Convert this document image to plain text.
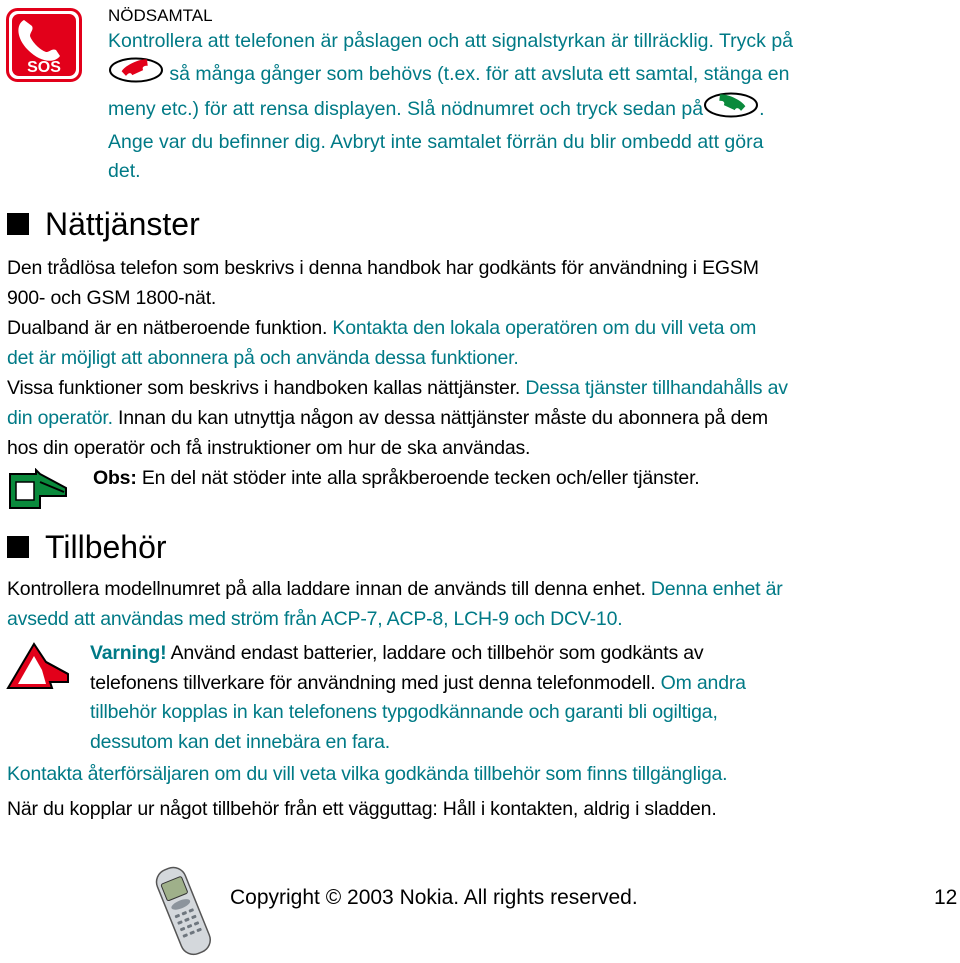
SOS

NÖDSAMTAL

Kontrollera att telefonen är påslagen och att signalstyrkan är tillräcklig. Tryck på

så många gånger som behövs (t.ex. för att avsluta ett samtal, stänga en

meny etc.) för att rensa displayen. Slå nödnumret och tryck sedan på	.

Ange var du befinner dig. Avbryt inte samtalet förrän du blir ombedd att göra

det.

Nättjänster

Den trådlösa telefon som beskrivs i denna handbok har godkänts för användning i EGSM

900- och GSM 1800-nät.

Dualband är en nätberoende funktion. Kontakta den lokala operatören om du vill veta om

det är möjligt att abonnera på och använda dessa funktioner.

Vissa funktioner som beskrivs i handboken kallas nättjänster. Dessa tjänster tillhandahålls av

din operatör. Innan du kan utnyttja någon av dessa nättjänster måste du abonnera på dem

hos din operatör och få instruktioner om hur de ska användas.

Obs: En del nät stöder inte alla språkberoende tecken och/eller tjänster.

Tillbehör

Kontrollera modellnumret på alla laddare innan de används till denna enhet. Denna enhet är

avsedd att användas med ström från ACP-7, ACP-8, LCH-9 och DCV-10.

Varning! Använd endast batterier, laddare och tillbehör som godkänts av

telefonens tillverkare för användning med just denna telefonmodell. Om andra

tillbehör kopplas in kan telefonens typgodkännande och garanti bli ogiltiga,

dessutom kan det innebära en fara.

Kontakta återförsäljaren om du vill veta vilka godkända tillbehör som finns tillgängliga.

När du kopplar ur något tillbehör från ett vägguttag: Håll i kontakten, aldrig i sladden.

Copyright © 2003 Nokia. All rights reserved.	12
